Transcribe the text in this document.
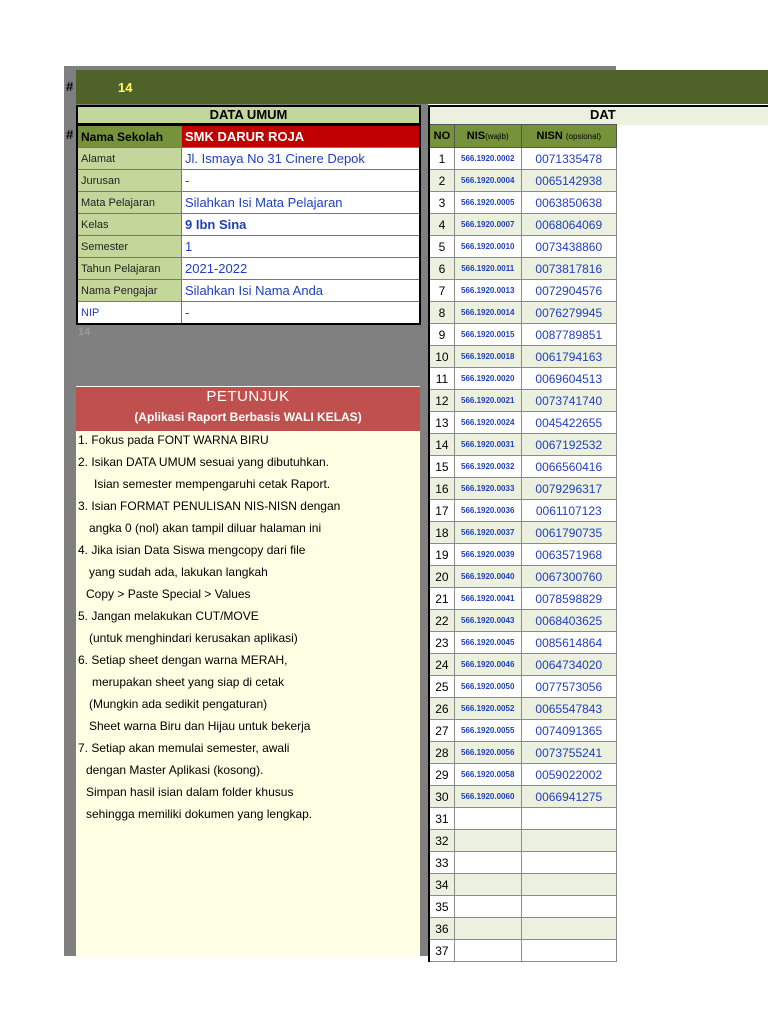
#
#
14
14
DATA UMUM
Nama Sekolah	SMK DARUR ROJA
Alamat	Jl. Ismaya No 31 Cinere Depok
Jurusan	-
Mata Pelajaran	Silahkan Isi Mata Pelajaran
Kelas	9 Ibn Sina
Semester	1
Tahun Pelajaran	2021-2022
Nama Pengajar	Silahkan Isi Nama Anda
NIP	-
PETUNJUK
(Aplikasi Raport Berbasis WALI KELAS)
1. Fokus pada FONT WARNA BIRU
2. Isikan DATA UMUM sesuai yang dibutuhkan.
Isian semester mempengaruhi cetak Raport.
3. Isian FORMAT PENULISAN NIS-NISN dengan
angka 0 (nol) akan tampil diluar halaman ini
4. Jika isian Data Siswa mengcopy dari file
yang sudah ada, lakukan langkah
Copy > Paste Special > Values
5. Jangan melakukan CUT/MOVE
(untuk menghindari kerusakan aplikasi)
6. Setiap sheet dengan warna MERAH,
merupakan sheet yang siap di cetak
(Mungkin ada sedikit pengaturan)
Sheet warna Biru dan Hijau untuk bekerja
7. Setiap akan memulai semester, awali
dengan Master Aplikasi (kosong).
Simpan hasil isian dalam folder khusus
sehingga memiliki dokumen yang lengkap.
DAT
NO	NIS(wajib)	NISN (opsional)
1	566.1920.0002	0071335478
2	566.1920.0004	0065142938
3	566.1920.0005	0063850638
4	566.1920.0007	0068064069
5	566.1920.0010	0073438860
6	566.1920.0011	0073817816
7	566.1920.0013	0072904576
8	566.1920.0014	0076279945
9	566.1920.0015	0087789851
10	566.1920.0018	0061794163
11	566.1920.0020	0069604513
12	566.1920.0021	0073741740
13	566.1920.0024	0045422655
14	566.1920.0031	0067192532
15	566.1920.0032	0066560416
16	566.1920.0033	0079296317
17	566.1920.0036	0061107123
18	566.1920.0037	0061790735
19	566.1920.0039	0063571968
20	566.1920.0040	0067300760
21	566.1920.0041	0078598829
22	566.1920.0043	0068403625
23	566.1920.0045	0085614864
24	566.1920.0046	0064734020
25	566.1920.0050	0077573056
26	566.1920.0052	0065547843
27	566.1920.0055	0074091365
28	566.1920.0056	0073755241
29	566.1920.0058	0059022002
30	566.1920.0060	0066941275
31		
32		
33		
34		
35		
36		
37		
